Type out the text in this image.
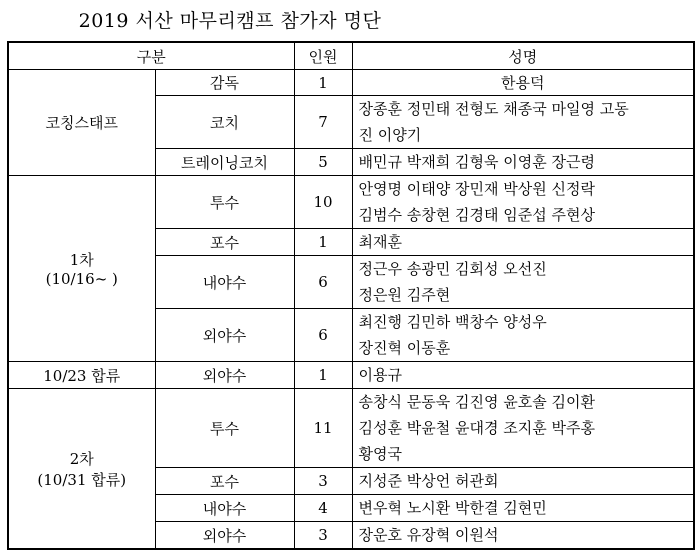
2019 서산 마무리캠프 참가자 명단
구분		인원	성명
코칭스태프	감독	1	한용덕

	코치	7	장종훈 정민태 전형도 채종국 마일영 고동
진 이양기

	트레이닝코치	5	배민규 박재희 김형욱 이영훈 장근령

1차
(10/16~ )	투수	10	안영명 이태양 장민재 박상원 신정락
김범수 송창현 김경태 임준섭 주현상

	포수	1	최재훈

	내야수	6	정근우 송광민 김회성 오선진
정은원 김주현

	외야수	6	최진행 김민하 백창수 양성우
장진혁 이동훈

10/23 합류	외야수	1	이용규

2차
(10/31 합류)	투수	11	송창식 문동욱 김진영 윤호솔 김이환
김성훈 박윤철 윤대경 조지훈 박주홍
황영국

	포수	3	지성준 박상언 허관회

	내야수	4	변우혁 노시환 박한결 김현민

	외야수	3	장운호 유장혁 이원석
